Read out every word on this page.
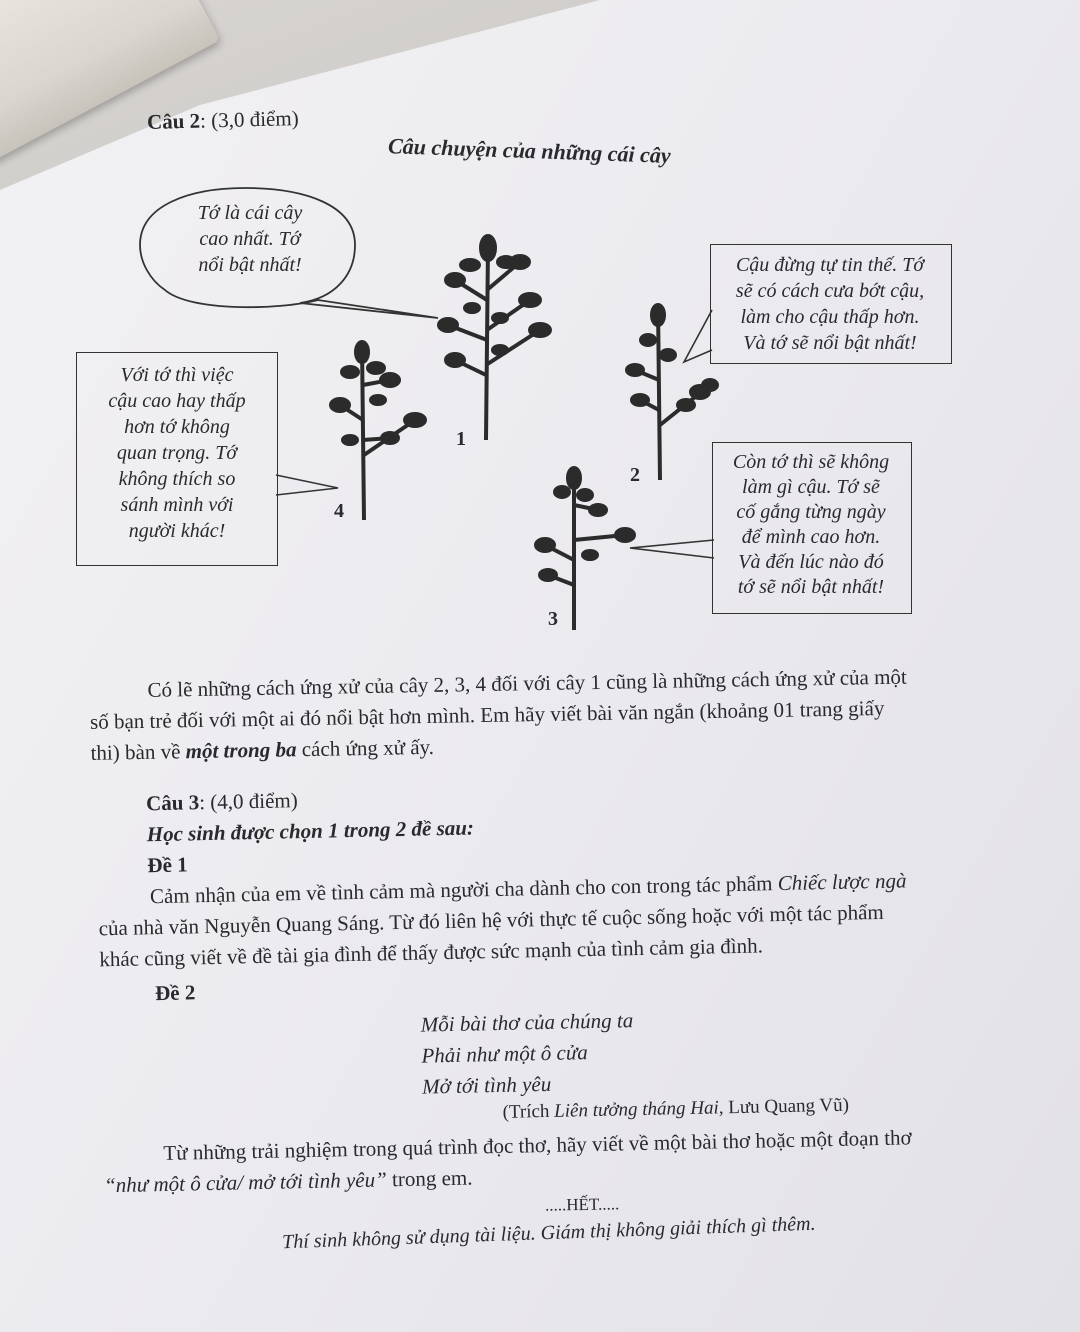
Câu 2: (3,0 điểm)

Câu chuyện của những cái cây

Tớ là cái cây
cao nhất. Tớ
nổi bật nhất!
Với tớ thì việc
cậu cao hay thấp
hơn tớ không
quan trọng. Tớ
không thích so
sánh mình với
người khác!
Cậu đừng tự tin thế. Tớ
sẽ có cách cưa bớt cậu,
làm cho cậu thấp hơn.
Và tớ sẽ nổi bật nhất!
Còn tớ thì sẽ không
làm gì cậu. Tớ sẽ
cố gắng từng ngày
để mình cao hơn.
Và đến lúc nào đó
tớ sẽ nổi bật nhất!
1
2
3
4
Có lẽ những cách ứng xử của cây 2, 3, 4 đối với cây 1 cũng là những cách ứng xử của một
số bạn trẻ đối với một ai đó nổi bật hơn mình. Em hãy viết bài văn ngắn (khoảng 01 trang giấy
thi) bàn về một trong ba cách ứng xử ấy.
Câu 3: (4,0 điểm)
Học sinh được chọn 1 trong 2 đề sau:
Đề 1
Cảm nhận của em về tình cảm mà người cha dành cho con trong tác phẩm Chiếc lược ngà
của nhà văn Nguyễn Quang Sáng. Từ đó liên hệ với thực tế cuộc sống hoặc với một tác phẩm
khác cũng viết về đề tài gia đình để thấy được sức mạnh của tình cảm gia đình.
Đề 2
Mỗi bài thơ của chúng ta
Phải như một ô cửa
Mở tới tình yêu
(Trích Liên tưởng tháng Hai, Lưu Quang Vũ)
Từ những trải nghiệm trong quá trình đọc thơ, hãy viết về một bài thơ hoặc một đoạn thơ
“như một ô cửa/ mở tới tình yêu” trong em.

.....HẾT.....

Thí sinh không sử dụng tài liệu. Giám thị không giải thích gì thêm.
